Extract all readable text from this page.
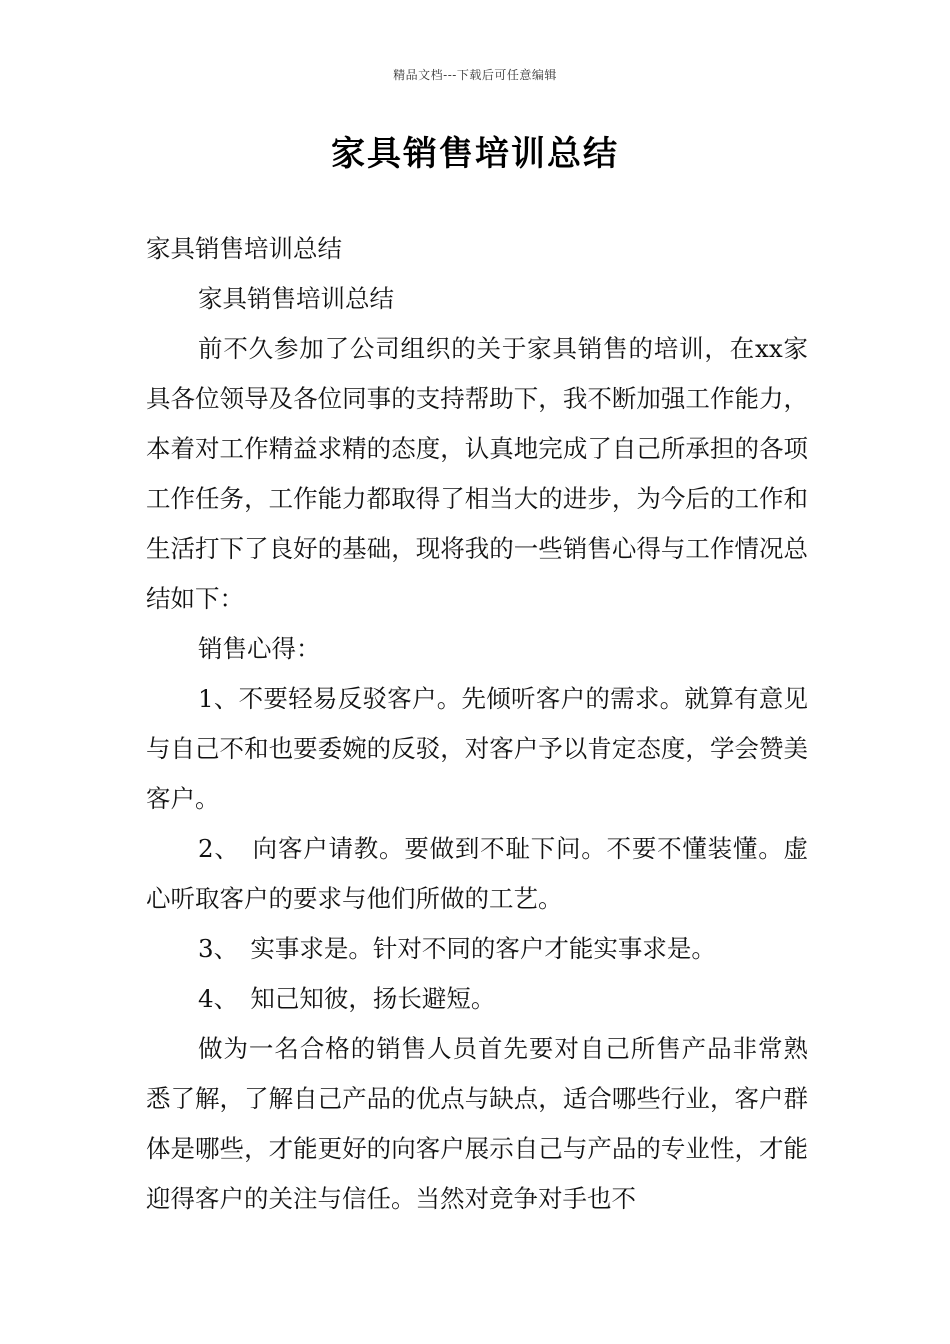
精品文档---下载后可任意编辑
家具销售培训总结

家具销售培训总结

家具销售培训总结

前不久参加了公司组织的关于家具销售的培训，在xx家具各位领导及各位同事的支持帮助下，我不断加强工作能力，本着对工作精益求精的态度，认真地完成了自己所承担的各项工作任务，工作能力都取得了相当大的进步，为今后的工作和生活打下了良好的基础，现将我的一些销售心得与工作情况总结如下：

销售心得：

1、不要轻易反驳客户。先倾听客户的需求。就算有意见与自己不和也要委婉的反驳，对客户予以肯定态度，学会赞美客户。

2、　向客户请教。要做到不耻下问。不要不懂装懂。虚心听取客户的要求与他们所做的工艺。

3、　实事求是。针对不同的客户才能实事求是。

4、　知己知彼，扬长避短。

做为一名合格的销售人员首先要对自己所售产品非常熟悉了解，了解自己产品的优点与缺点，适合哪些行业，客户群体是哪些，才能更好的向客户展示自己与产品的专业性，才能迎得客户的关注与信任。当然对竞争对手也不
